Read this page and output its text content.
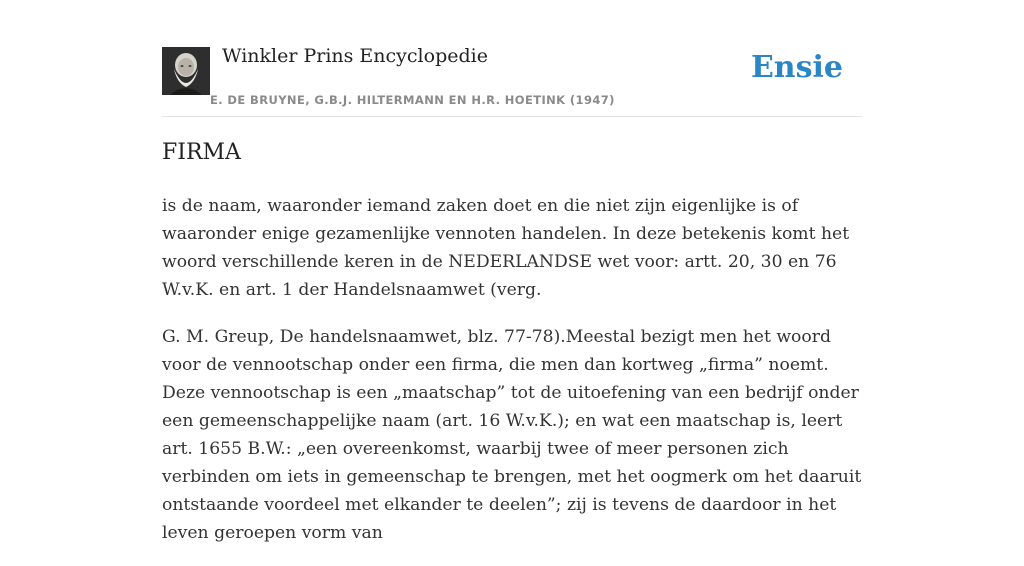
Winkler Prins Encyclopedie
E. DE BRUYNE, G.B.J. HILTERMANN EN H.R. HOETINK (1947)
Ensie
FIRMA

is de naam, waaronder iemand zaken doet en die niet zijn eigenlijke is of waaronder enige gezamenlijke vennoten handelen. In deze betekenis komt het woord verschillende keren in de NEDERLANDSE wet voor: artt. 20, 30 en 76 W.v.K. en art. 1 der Handelsnaamwet (verg.

G. M. Greup, De handelsnaamwet, blz. 77-78).Meestal bezigt men het woord voor de vennootschap onder een firma, die men dan kortweg „firma” noemt. Deze vennootschap is een „maatschap” tot de uitoefening van een bedrijf onder een gemeenschappelijke naam (art. 16 W.v.K.); en wat een maatschap is, leert art. 1655 B.W.: „een overeenkomst, waarbij twee of meer personen zich verbinden om iets in gemeenschap te brengen, met het oogmerk om het daaruit ontstaande voordeel met elkander te deelen”; zij is tevens de daardoor in het leven geroepen vorm van
